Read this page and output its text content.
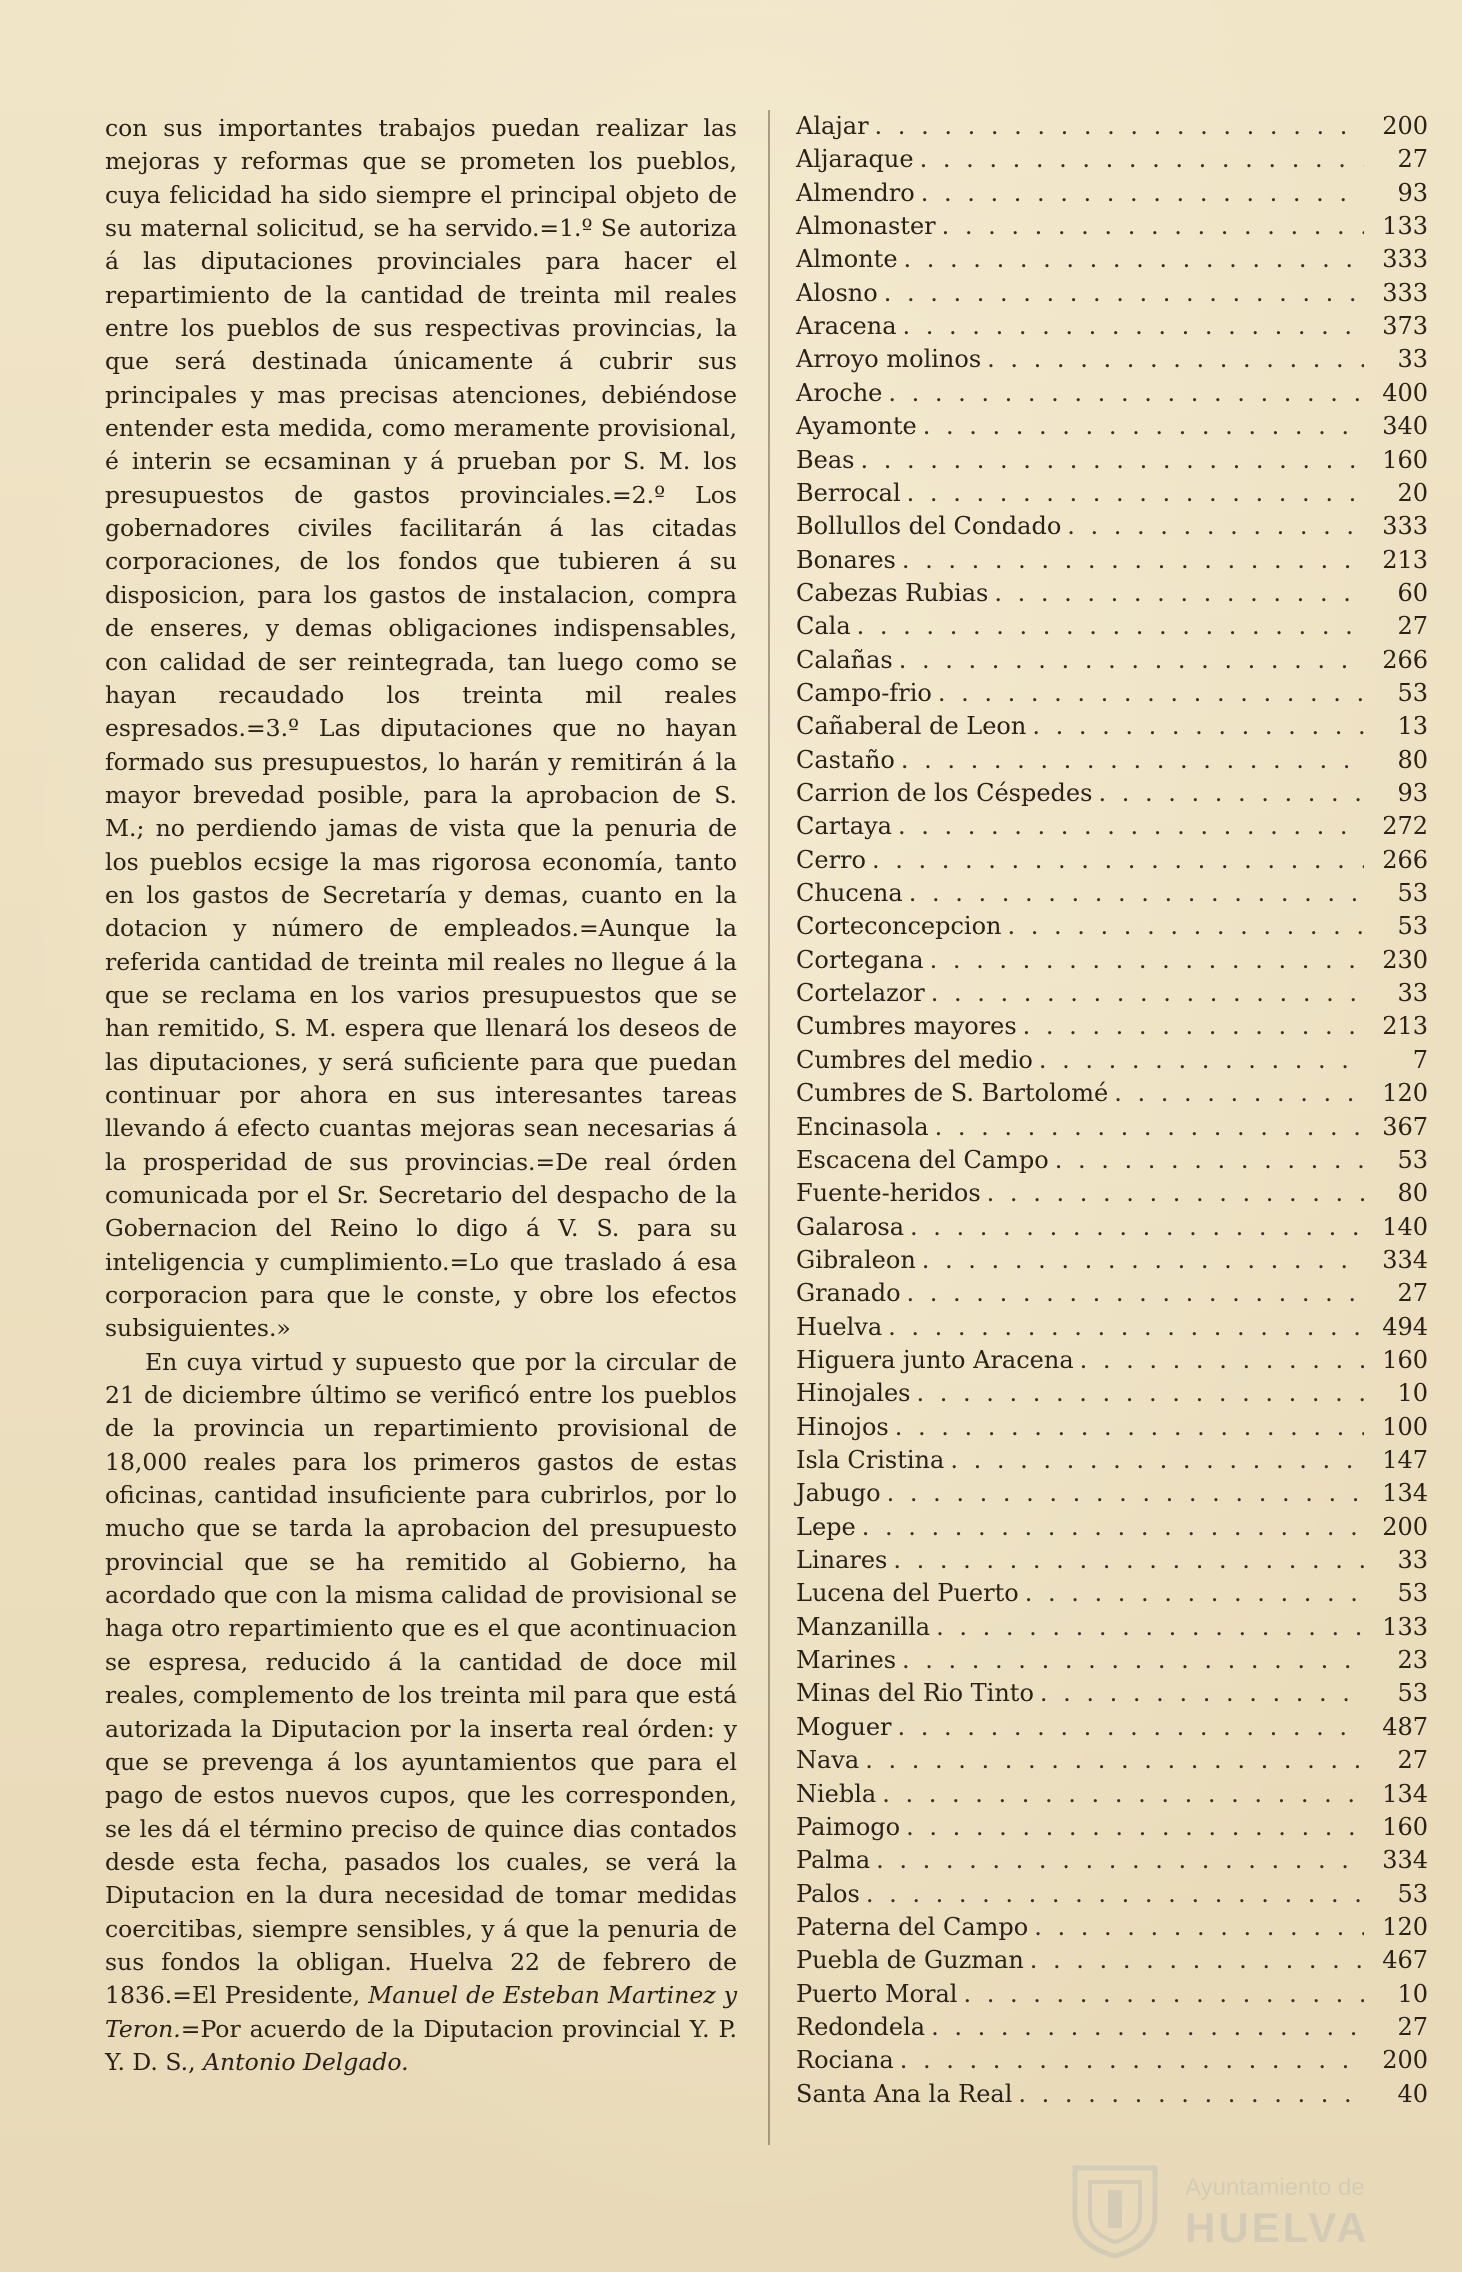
con sus importantes trabajos puedan realizar las mejoras y reformas que se prometen los pueblos, cuya felicidad ha sido siempre el principal objeto de su maternal solicitud, se ha servido.=1.º Se autoriza á las diputaciones provinciales para hacer el repartimiento de la cantidad de treinta mil reales entre los pueblos de sus respectivas provincias, la que será destinada únicamente á cubrir sus principales y mas precisas atenciones, debiéndose entender esta medida, como meramente provisional, é interin se ecsaminan y á prueban por S. M. los presupuestos de gastos provinciales.=2.º Los gobernadores civiles facilitarán á las citadas corporaciones, de los fondos que tubieren á su disposicion, para los gastos de instalacion, compra de enseres, y demas obligaciones indispensables, con calidad de ser reintegrada, tan luego como se hayan recaudado los treinta mil reales espresados.=3.º Las diputaciones que no hayan formado sus presupuestos, lo harán y remitirán á la mayor brevedad posible, para la aprobacion de S. M.; no perdiendo jamas de vista que la penuria de los pueblos ecsige la mas rigorosa economía, tanto en los gastos de Secretaría y demas, cuanto en la dotacion y número de empleados.=Aunque la referida cantidad de treinta mil reales no llegue á la que se reclama en los varios presupuestos que se han remitido, S. M. espera que llenará los deseos de las diputaciones, y será suficiente para que puedan continuar por ahora en sus interesantes tareas llevando á efecto cuantas mejoras sean necesarias á la prosperidad de sus provincias.=De real órden comunicada por el Sr. Secretario del despacho de la Gobernacion del Reino lo digo á V. S. para su inteligencia y cumplimiento.=Lo que traslado á esa corporacion para que le conste, y obre los efectos subsiguientes.»

En cuya virtud y supuesto que por la circular de 21 de diciembre último se verificó entre los pueblos de la provincia un repartimiento provisional de 18,000 reales para los primeros gastos de estas oficinas, cantidad insuficiente para cubrirlos, por lo mucho que se tarda la aprobacion del presupuesto provincial que se ha remitido al Gobierno, ha acordado que con la misma calidad de provisional se haga otro repartimiento que es el que acontinuacion se espresa, reducido á la cantidad de doce mil reales, complemento de los treinta mil para que está autorizada la Diputacion por la inserta real órden: y que se prevenga á los ayuntamientos que para el pago de estos nuevos cupos, que les corresponden, se les dá el término preciso de quince dias contados desde esta fecha, pasados los cuales, se verá la Diputacion en la dura necesidad de tomar medidas coercitibas, siempre sensibles, y á que la penuria de sus fondos la obligan. Huelva 22 de febrero de 1836.=El Presidente, Manuel de Esteban Martinez y Teron.=Por acuerdo de la Diputacion provincial Y. P. Y. D. S., Antonio Delgado.

Alajar . . .	200
Aljaraque . . .	27
Almendro . . .	93
Almonaster . . .	133
Almonte . . .	333
Alosno . . .	333
Aracena . . .	373
Arroyo molinos . . .	33
Aroche . . .	400
Ayamonte . . .	340
Beas . . .	160
Berrocal . . .	20
Bollullos del Condado . . .	333
Bonares . . .	213
Cabezas Rubias . . .	60
Cala . . .	27
Calañas . . .	266
Campo-frio . . .	53
Cañaberal de Leon . . .	13
Castaño . . .	80
Carrion de los Céspedes . . .	93
Cartaya . . .	272
Cerro . . .	266
Chucena . . .	53
Corteconcepcion . . .	53
Cortegana . . .	230
Cortelazor . . .	33
Cumbres mayores . . .	213
Cumbres del medio . . .	7
Cumbres de S. Bartolomé . . .	120
Encinasola . . .	367
Escacena del Campo . . .	53
Fuente-heridos . . .	80
Galarosa . . .	140
Gibraleon . . .	334
Granado . . .	27
Huelva . . .	494
Higuera junto Aracena . . .	160
Hinojales . . .	10
Hinojos . . .	100
Isla Cristina . . .	147
Jabugo . . .	134
Lepe . . .	200
Linares . . .	33
Lucena del Puerto . . .	53
Manzanilla . . .	133
Marines . . .	23
Minas del Rio Tinto . . .	53
Moguer . . .	487
Nava . . .	27
Niebla . . .	134
Paimogo . . .	160
Palma . . .	334
Palos . . .	53
Paterna del Campo . . .	120
Puebla de Guzman . . .	467
Puerto Moral . . .	10
Redondela . . .	27
Rociana . . .	200
Santa Ana la Real . . .	40
Ayuntamiento de
HUELVA
